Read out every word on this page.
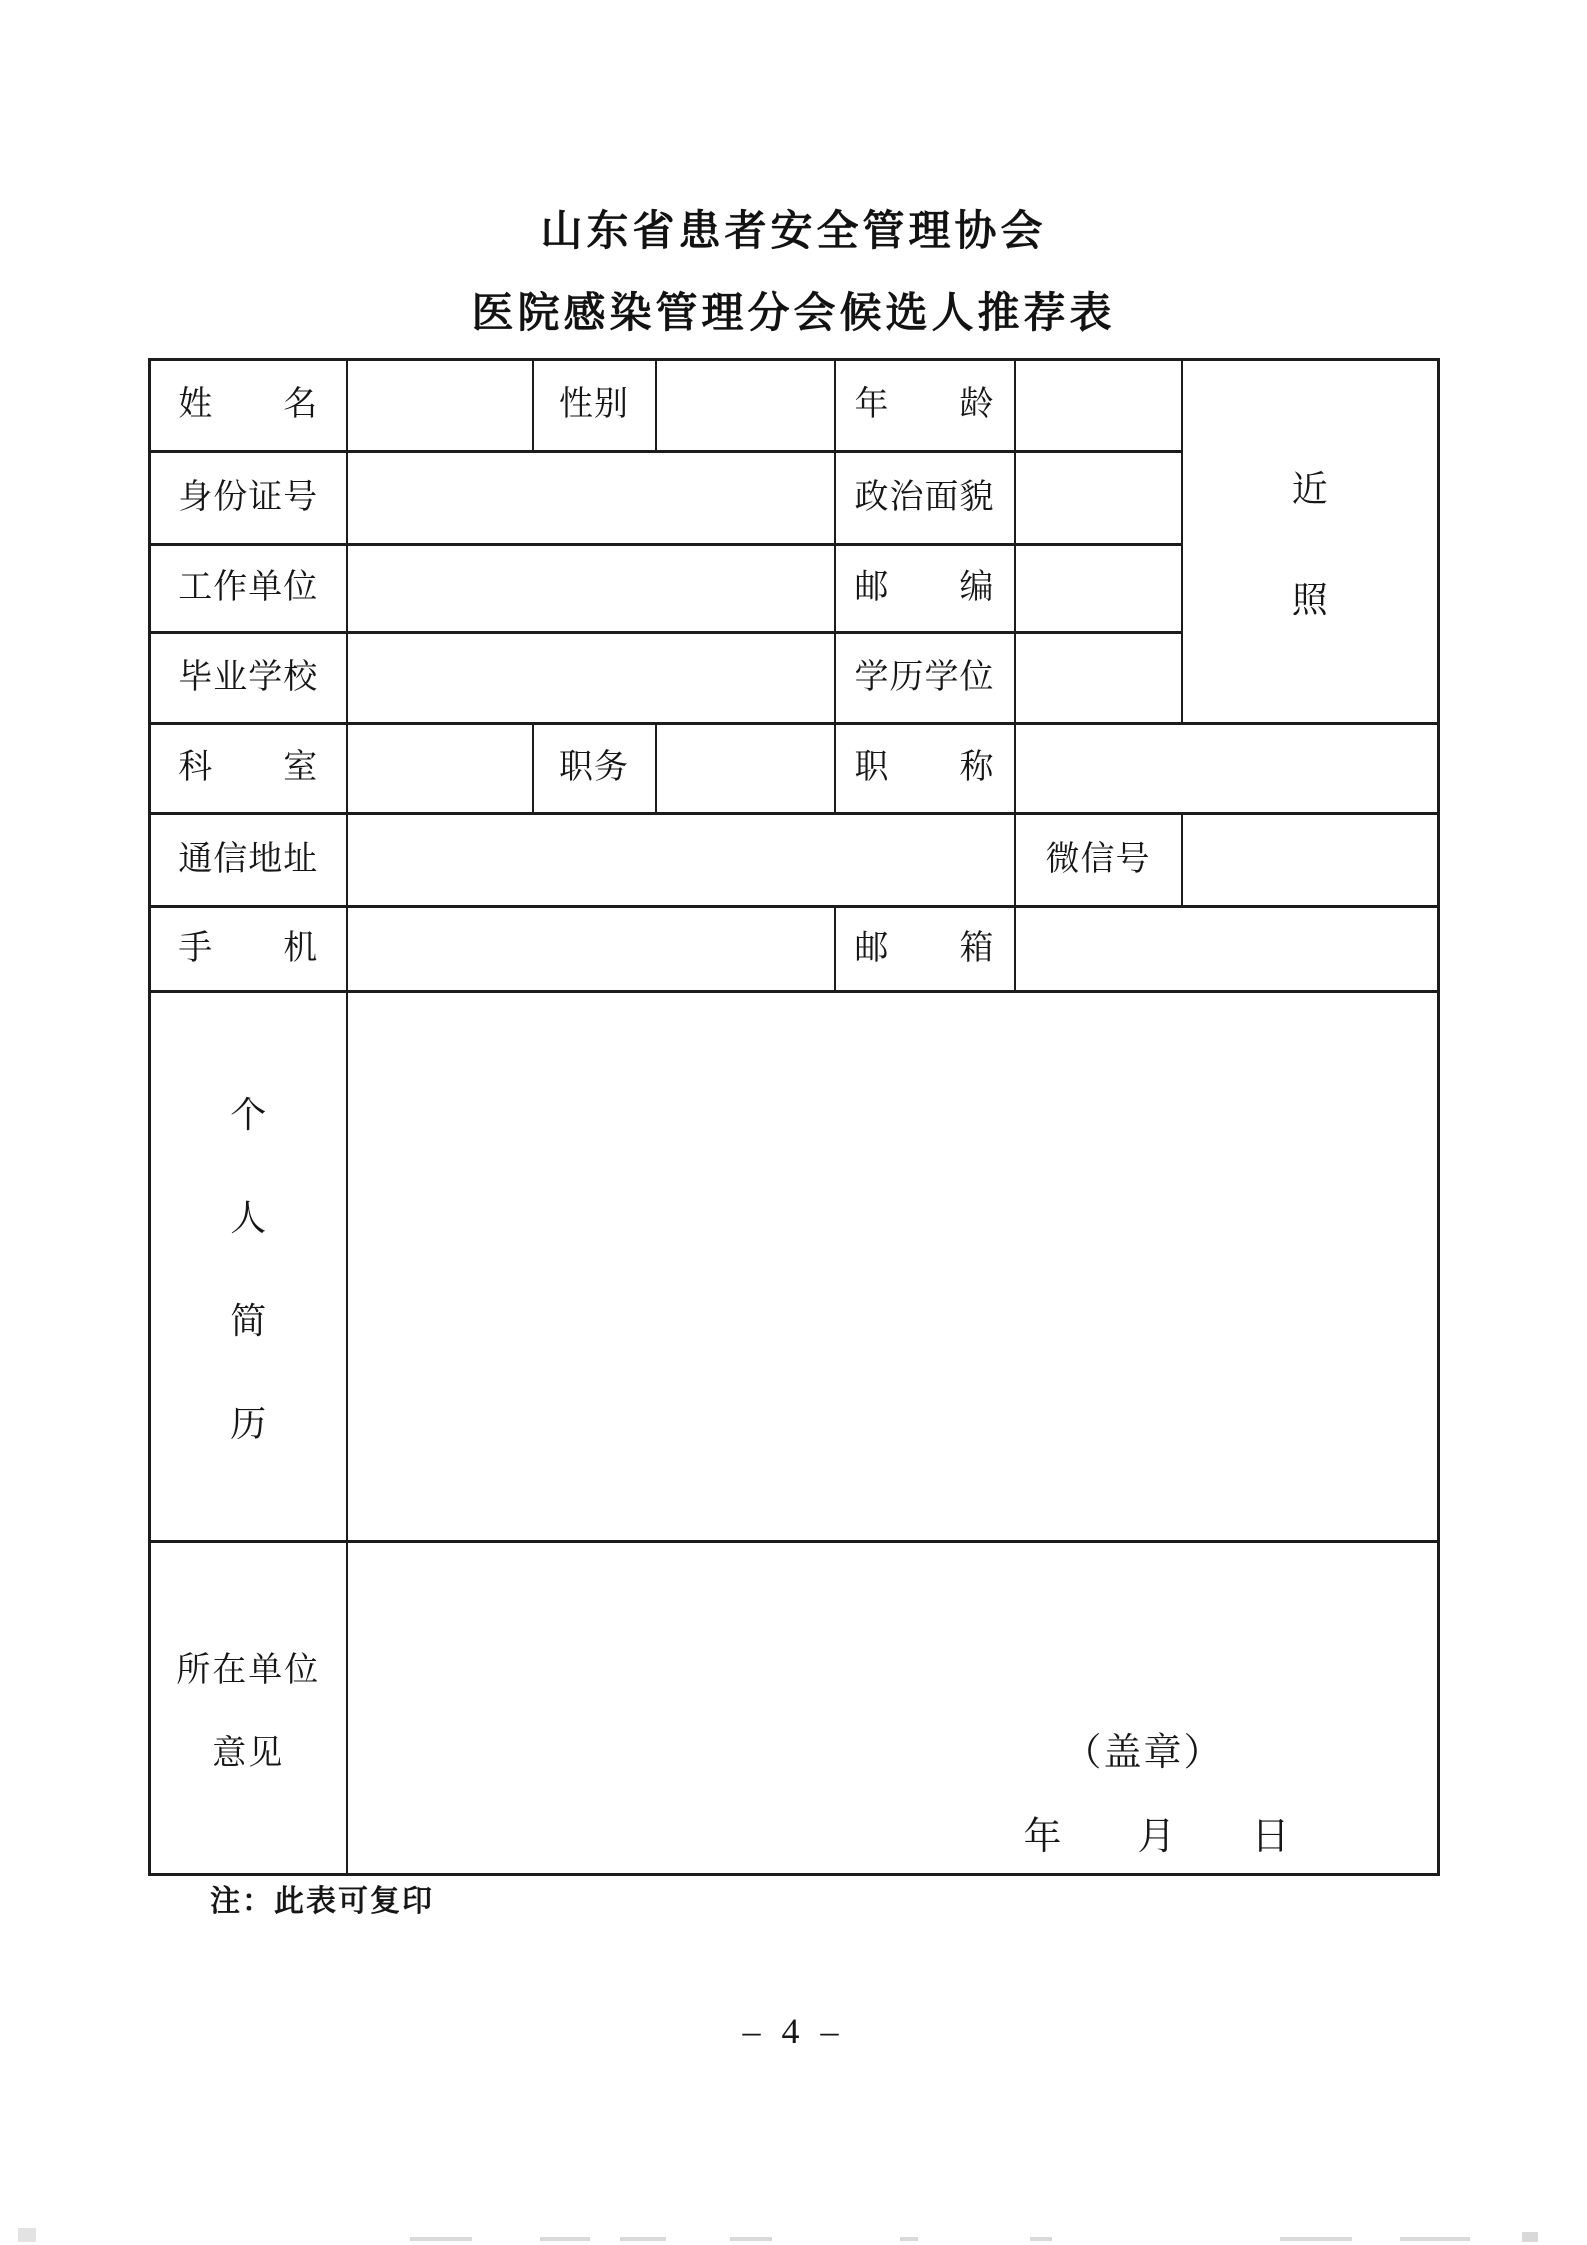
山东省患者安全管理协会
医院感染管理分会候选人推荐表
姓　　名		性别		年　　龄		近
照

身份证号				政治面貌		
工作单位				邮　　编		
毕业学校				学历学位		
科　　室		职务		职　　称		
通信地址					微信号	
手　　机				邮　　箱		

个
人
简
历						

所在单位
意见	（盖章）
年　　月　　日
注：此表可复印
– 4 –
